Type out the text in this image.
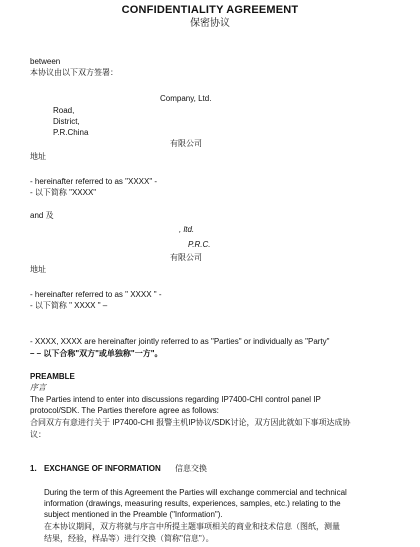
CONFIDENTIALITY AGREEMENT
保密协议
between
本协议由以下双方签署：
Company, Ltd.
Road,
District,
P.R.China
有限公司
地址
- hereinafter referred to as "XXXX" -
- 以下简称 "XXXX"
and 及
, ltd.
P.R.C.
有限公司
地址
- hereinafter referred to as " XXXX " -
- 以下简称 " XXXX " –
- XXXX, XXXX are hereinafter jointly referred to as "Parties" or individually as "Party"
– – 以下合称"双方"或单独称"一方"。
PREAMBLE
序言
The Parties intend to enter into discussions regarding IP7400-CHI control panel IP
protocol/SDK. The Parties therefore agree as follows:
合同双方有意进行关于 IP7400-CHI 报警主机IP协议/SDK讨论，双方因此就如下事项达成协
议：
1. EXCHANGE OF INFORMATION 信息交换
During the term of this Agreement the Parties will exchange commercial and technical
information (drawings, measuring results, experiences, samples, etc.) relating to the
subject mentioned in the Preamble ("Information").
在本协议期间，双方将就与序言中所提主题事项相关的商业和技术信息（图纸，测量
结果，经验，样品等）进行交换（简称"信息"）。
